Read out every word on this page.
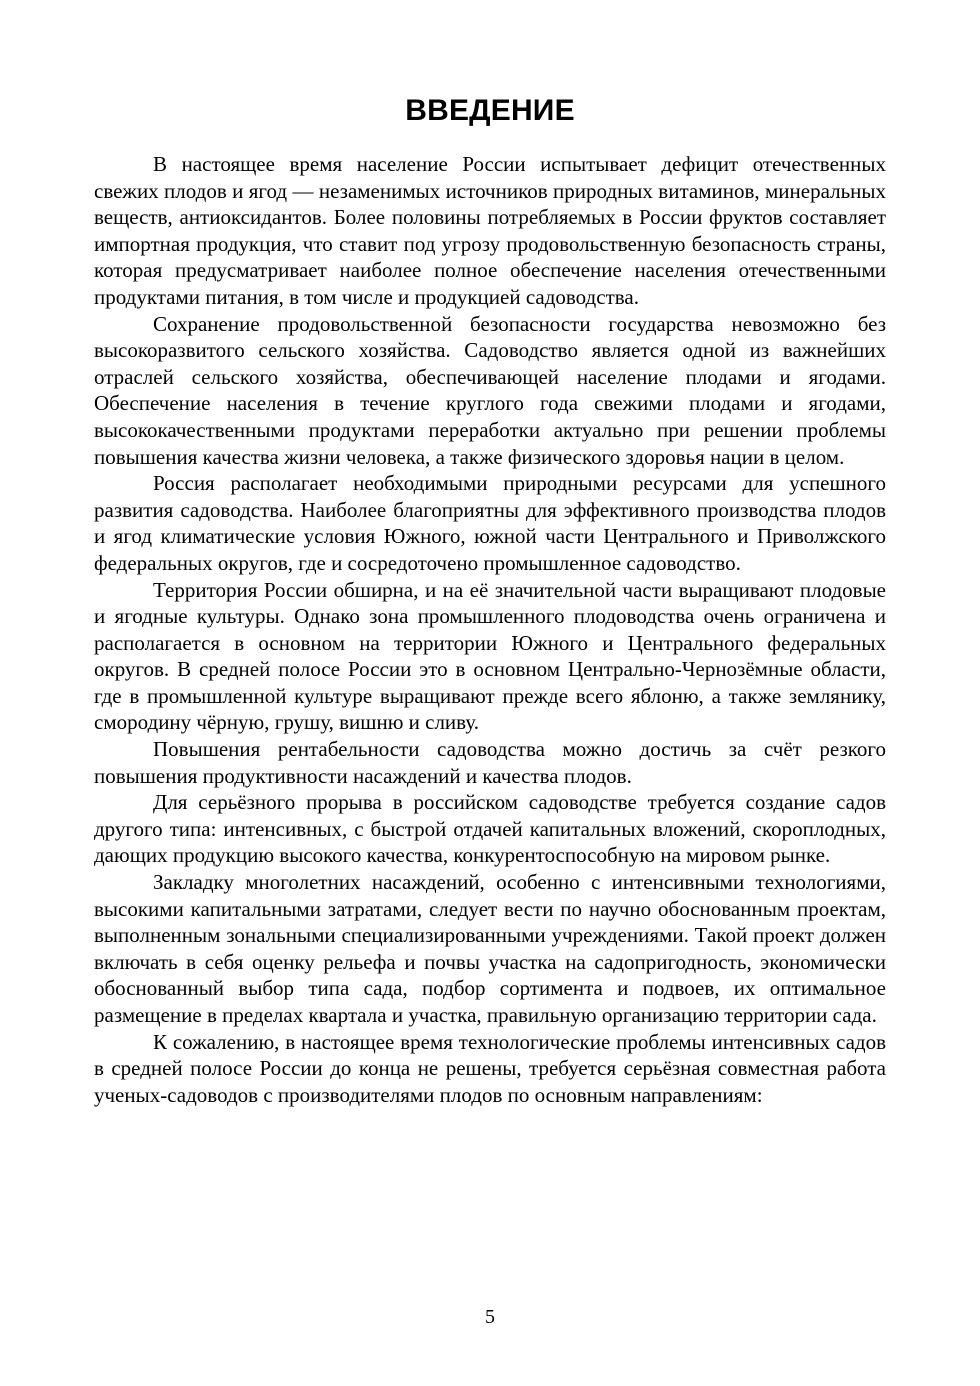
ВВЕДЕНИЕ

В настоящее время население России испытывает дефицит отечественных свежих плодов и ягод — незаменимых источников природных витаминов, минеральных веществ, антиоксидантов. Более половины потребляемых в России фруктов составляет импортная продукция, что ставит под угрозу продовольственную безопасность страны, которая предусматривает наиболее полное обеспечение населения отечественными продуктами питания, в том числе и продукцией садоводства.

Сохранение продовольственной безопасности государства невозможно без высокоразвитого сельского хозяйства. Садоводство является одной из важнейших отраслей сельского хозяйства, обеспечивающей население плодами и ягодами. Обеспечение населения в течение круглого года свежими плодами и ягодами, высококачественными продуктами переработки актуально при решении проблемы повышения качества жизни человека, а также физического здоровья нации в целом.

Россия располагает необходимыми природными ресурсами для успешного развития садоводства. Наиболее благоприятны для эффективного производства плодов и ягод климатические условия Южного, южной части Центрального и Приволжского федеральных округов, где и сосредоточено промышленное садоводство.

Территория России обширна, и на её значительной части выращивают плодовые и ягодные культуры. Однако зона промышленного плодоводства очень ограничена и располагается в основном на территории Южного и Центрального федеральных округов. В средней полосе России это в основном Центрально-Чернозёмные области, где в промышленной культуре выращивают прежде всего яблоню, а также землянику, смородину чёрную, грушу, вишню и сливу.

Повышения рентабельности садоводства можно достичь за счёт резкого повышения продуктивности насаждений и качества плодов.

Для серьёзного прорыва в российском садоводстве требуется создание садов другого типа: интенсивных, с быстрой отдачей капитальных вложений, скороплодных, дающих продукцию высокого качества, конкурентоспособную на мировом рынке.

Закладку многолетних насаждений, особенно с интенсивными технологиями, высокими капитальными затратами, следует вести по научно обоснованным проектам, выполненным зональными специализированными учреждениями. Такой проект должен включать в себя оценку рельефа и почвы участка на садопригодность, экономически обоснованный выбор типа сада, подбор сортимента и подвоев, их оптимальное размещение в пределах квартала и участка, правильную организацию территории сада.

К сожалению, в настоящее время технологические проблемы интенсивных садов в средней полосе России до конца не решены, требуется серьёзная совместная работа ученых-садоводов с производителями плодов по основным направлениям:

5
